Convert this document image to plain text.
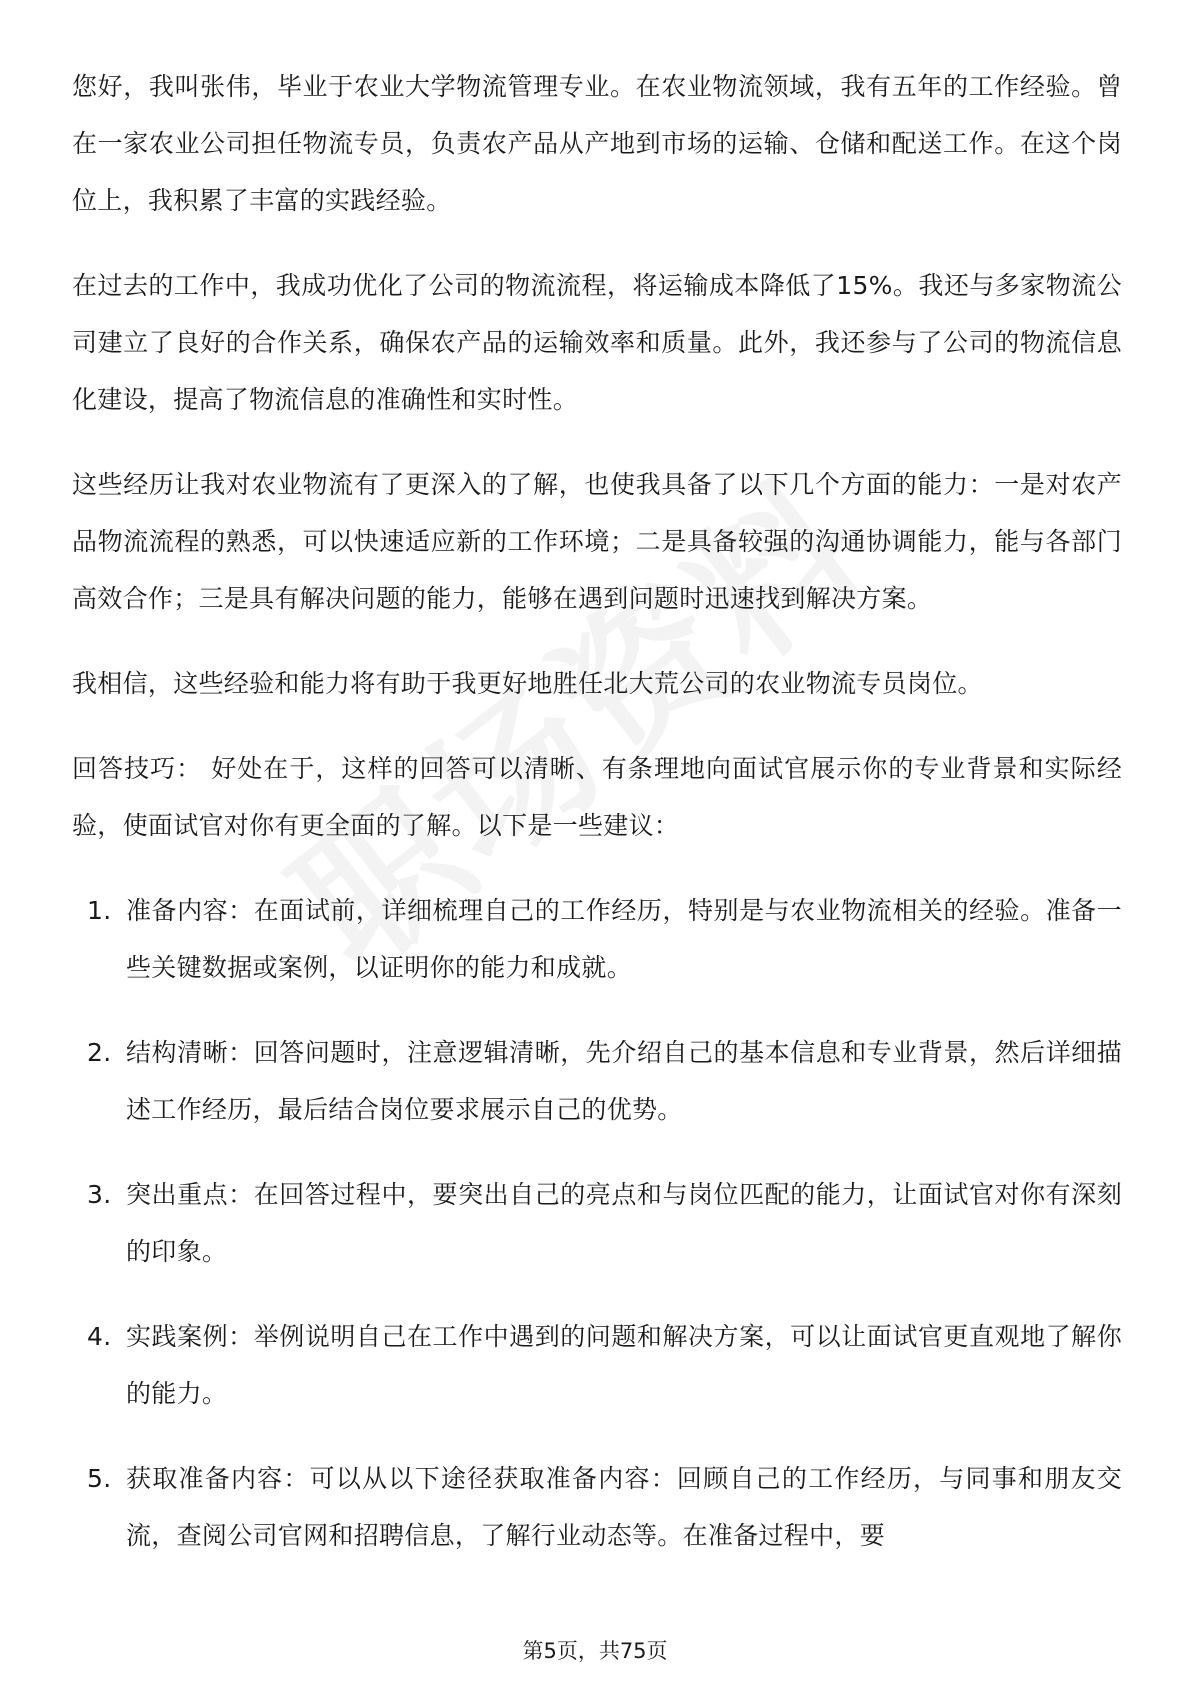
您好，我叫张伟，毕业于农业大学物流管理专业。在农业物流领域，我有五年的工作经验。曾在一家农业公司担任物流专员，负责农产品从产地到市场的运输、仓储和配送工作。在这个岗位上，我积累了丰富的实践经验。

在过去的工作中，我成功优化了公司的物流流程，将运输成本降低了15%。我还与多家物流公司建立了良好的合作关系，确保农产品的运输效率和质量。此外，我还参与了公司的物流信息化建设，提高了物流信息的准确性和实时性。

这些经历让我对农业物流有了更深入的了解，也使我具备了以下几个方面的能力：一是对农产品物流流程的熟悉，可以快速适应新的工作环境；二是具备较强的沟通协调能力，能与各部门高效合作；三是具有解决问题的能力，能够在遇到问题时迅速找到解决方案。

我相信，这些经验和能力将有助于我更好地胜任北大荒公司的农业物流专员岗位。

回答技巧： 好处在于，这样的回答可以清晰、有条理地向面试官展示你的专业背景和实际经验，使面试官对你有更全面的了解。以下是一些建议：

1. 准备内容：在面试前，详细梳理自己的工作经历，特别是与农业物流相关的经验。准备一些关键数据或案例，以证明你的能力和成就。
2. 结构清晰：回答问题时，注意逻辑清晰，先介绍自己的基本信息和专业背景，然后详细描述工作经历，最后结合岗位要求展示自己的优势。
3. 突出重点：在回答过程中，要突出自己的亮点和与岗位匹配的能力，让面试官对你有深刻的印象。
4. 实践案例：举例说明自己在工作中遇到的问题和解决方案，可以让面试官更直观地了解你的能力。
5. 获取准备内容：可以从以下途径获取准备内容：回顾自己的工作经历，与同事和朋友交流，查阅公司官网和招聘信息，了解行业动态等。在准备过程中，要
第5页，共75页
